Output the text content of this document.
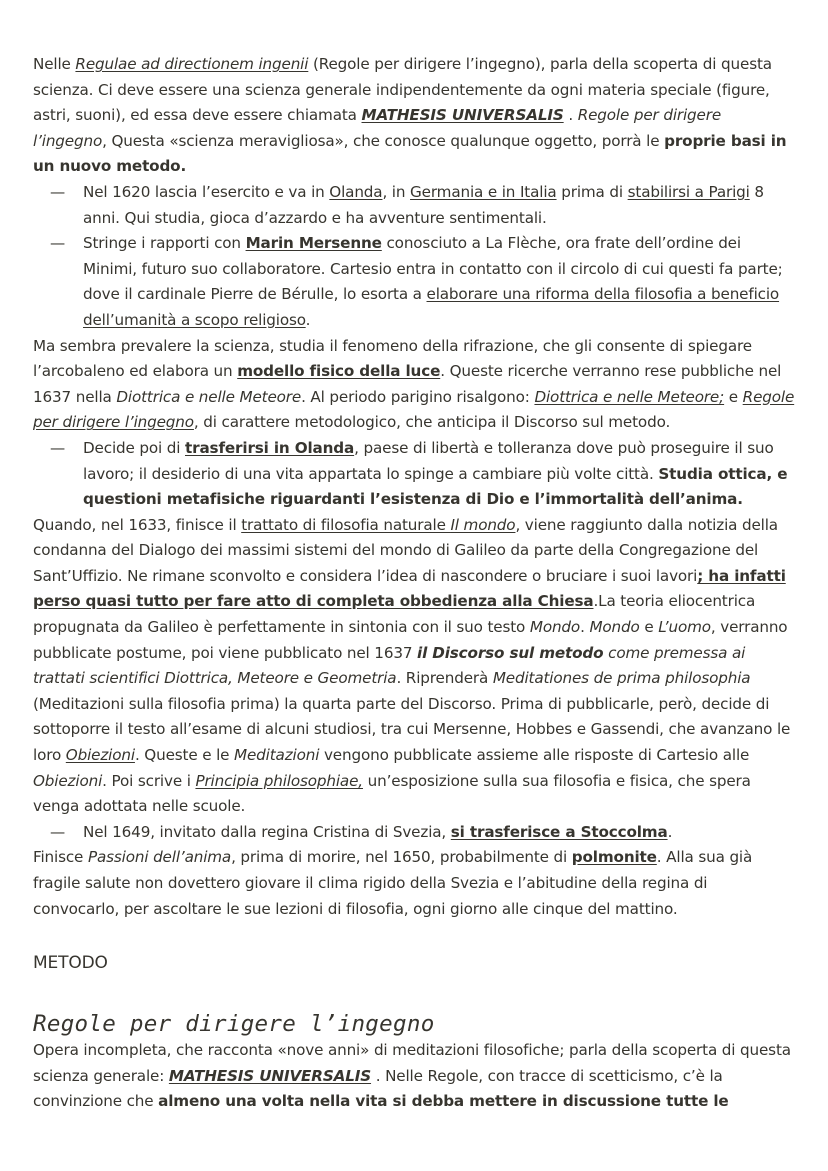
Nelle Regulae ad directionem ingenii (Regole per dirigere l’ingegno), parla della scoperta di questa scienza. Ci deve essere una scienza generale indipendentemente da ogni materia speciale (figure, astri, suoni), ed essa deve essere chiamata MATHESIS UNIVERSALIS . Regole per dirigere l’ingegno, Questa «scienza meravigliosa», che conosce qualunque oggetto, porrà le proprie basi in un nuovo metodo.

— Nel 1620 lascia l’esercito e va in Olanda, in Germania e in Italia prima di stabilirsi a Parigi 8 anni. Qui studia, gioca d’azzardo e ha avventure sentimentali.
— Stringe i rapporti con Marin Mersenne conosciuto a La Flèche, ora frate dell’ordine dei Minimi, futuro suo collaboratore. Cartesio entra in contatto con il circolo di cui questi fa parte; dove il cardinale Pierre de Bérulle, lo esorta a elaborare una riforma della filosofia a beneficio dell’umanità a scopo religioso.

Ma sembra prevalere la scienza, studia il fenomeno della rifrazione, che gli consente di spiegare l’arcobaleno ed elabora un modello fisico della luce. Queste ricerche verranno rese pubbliche nel 1637 nella Diottrica e nelle Meteore. Al periodo parigino risalgono: Diottrica e nelle Meteore; e Regole per dirigere l’ingegno, di carattere metodologico, che anticipa il Discorso sul metodo.

— Decide poi di trasferirsi in Olanda, paese di libertà e tolleranza dove può proseguire il suo lavoro; il desiderio di una vita appartata lo spinge a cambiare più volte città. Studia ottica, e questioni metafisiche riguardanti l’esistenza di Dio e l’immortalità dell’anima.

Quando, nel 1633, finisce il trattato di filosofia naturale Il mondo, viene raggiunto dalla notizia della condanna del Dialogo dei massimi sistemi del mondo di Galileo da parte della Congregazione del Sant’Uffizio. Ne rimane sconvolto e considera l’idea di nascondere o bruciare i suoi lavori; ha infatti perso quasi tutto per fare atto di completa obbedienza alla Chiesa.La teoria eliocentrica propugnata da Galileo è perfettamente in sintonia con il suo testo Mondo. Mondo e L’uomo, verranno pubblicate postume, poi viene pubblicato nel 1637 il Discorso sul metodo come premessa ai trattati scientifici Diottrica, Meteore e Geometria. Riprenderà Meditationes de prima philosophia (Meditazioni sulla filosofia prima) la quarta parte del Discorso. Prima di pubblicarle, però, decide di sottoporre il testo all’esame di alcuni studiosi, tra cui Mersenne, Hobbes e Gassendi, che avanzano le loro Obiezioni. Queste e le Meditazioni vengono pubblicate assieme alle risposte di Cartesio alle Obiezioni. Poi scrive i Principia philosophiae, un’esposizione sulla sua filosofia e fisica, che spera venga adottata nelle scuole.

— Nel 1649, invitato dalla regina Cristina di Svezia, si trasferisce a Stoccolma.

Finisce Passioni dell’anima, prima di morire, nel 1650, probabilmente di polmonite. Alla sua già fragile salute non dovettero giovare il clima rigido della Svezia e l’abitudine della regina di convocarlo, per ascoltare le sue lezioni di filosofia, ogni giorno alle cinque del mattino.

METODO
Regole per dirigere l’ingegno

Opera incompleta, che racconta «nove anni» di meditazioni filosofiche; parla della scoperta di questa scienza generale: MATHESIS UNIVERSALIS . Nelle Regole, con tracce di scetticismo, c’è la convinzione che almeno una volta nella vita si debba mettere in discussione tutte le
